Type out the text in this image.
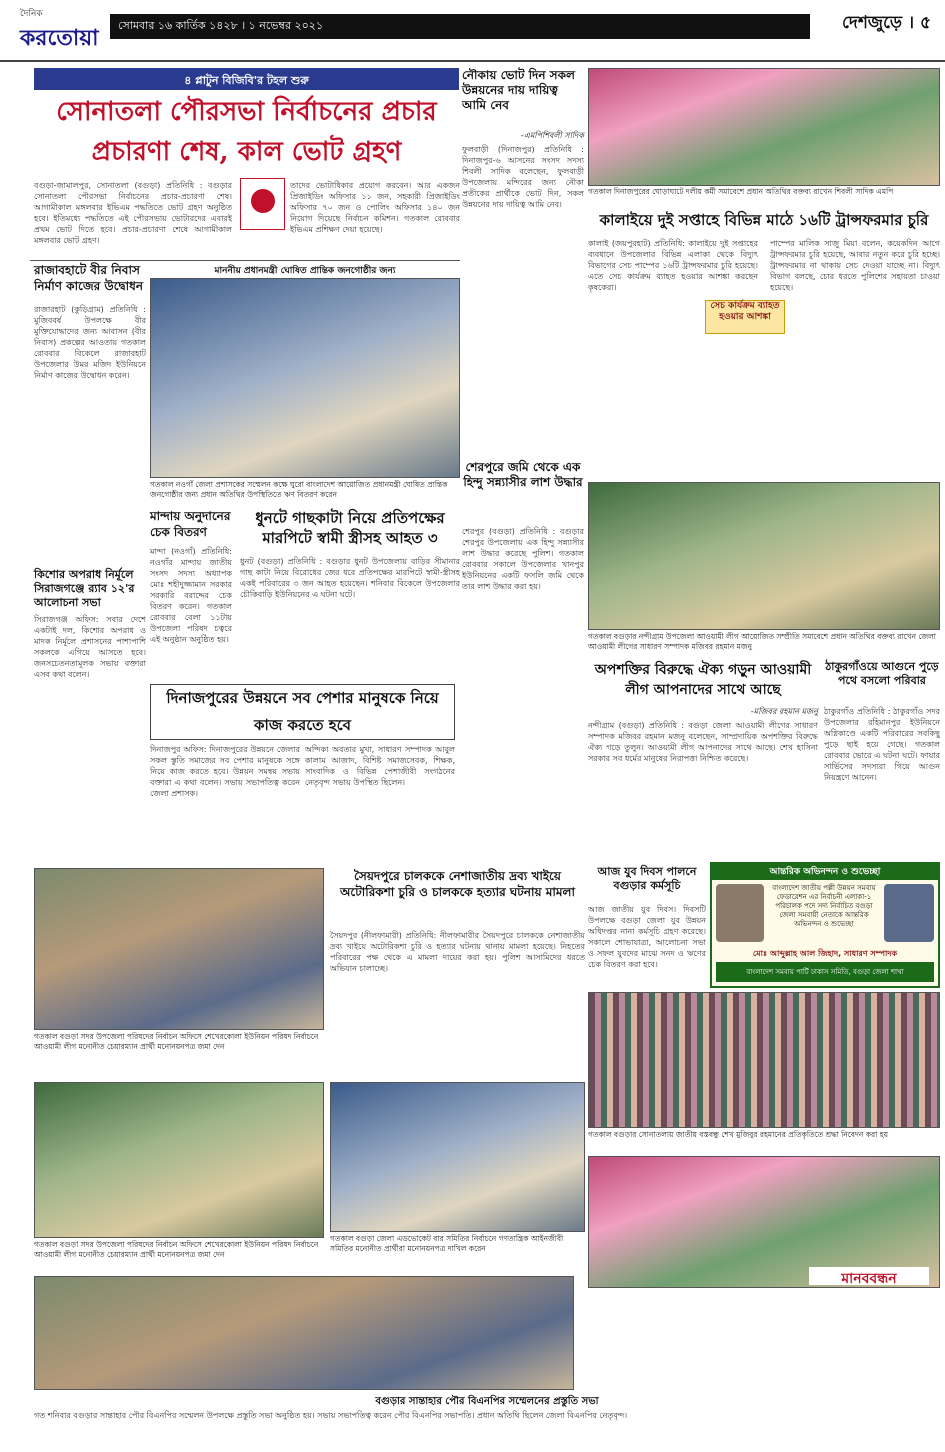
দৈনিক
করতোয়া	সোমবার ১৬ কার্তিক ১৪২৮ । ১ নভেম্বর ২০২১	দেশজুড়ে । ৫
৪ প্লাটুন বিজিবি'র টহল শুরু
সোনাতলা পৌরসভা নির্বাচনের প্রচার প্রচারণা শেষ, কাল ভোট গ্রহণ
বগুড়া-জামালপুর, সোনাতলা (বগুড়া) প্রতিনিধি : বগুড়ার সোনাতলা পৌরসভা নির্বাচনের প্রচার-প্রচারণা শেষ। আগামীকাল মঙ্গলবার ইভিএম পদ্ধতিতে ভোট গ্রহণ অনুষ্ঠিত হবে। ইতিমধ্যে পদ্ধতিতে এই পৌরসভায় ভোটারদের এবারই প্রথম ভোট দিতে হবে। প্রচার-প্রচারণা শেষে আগামীকাল মঙ্গলবার ভোট গ্রহণ।
তাদের ভোটাধিকার প্রয়োগ করবেন। আর একজন প্রিজাইডিং অফিসার ১১ জন, সহকারী প্রিজাইডিং অফিসার ৭০ জন ও পোলিং অফিসার ১৪০ জন নিয়োগ দিয়েছে নির্বাচন কমিশন। গতকাল রোববার ইভিএম প্রশিক্ষণ দেয়া হয়েছে।
রাজাবহাটে বীর নিবাস নির্মাণ কাজের উদ্বোধন
রাজারহাট (কুড়িগ্রাম) প্রতিনিধি : মুজিববর্ষ উপলক্ষে বীর মুক্তিযোদ্ধাদের জন্য আবাসন (বীর নিবাস) প্রকল্পের আওতায় গতকাল রোববার বিকেলে রাজারহাট উপজেলার উমর মজিদ ইউনিয়নে নির্মাণ কাজের উদ্বোধন করেন।
কিশোর অপরাধ নির্মূলে সিরাজগঞ্জে র‍্যাব ১২'র আলোচনা সভা
সিরাজগঞ্জ অফিস: সবার দেশে একটাই দল, কিশোর অপরাধ ও মাদক নির্মূলে প্রশাসনের পাশাপাশি সকলকে এগিয়ে আসতে হবে। জনসচেতনতামূলক সভায় বক্তারা এসব কথা বলেন।
মাননীয় প্রধানমন্ত্রী ঘোষিত প্রান্তিক জনগোষ্ঠীর জন্য
গতকাল নওগাঁ জেলা প্রশাসকের সম্মেলন কক্ষে ঘুরো বাংলাদেশ আয়োজিত প্রধানমন্ত্রী ঘোষিত প্রান্তিক জনগোষ্ঠীর জন্য প্রধান অতিথির উপস্থিতিতে ঋণ বিতরণ করেন
মান্দায় অনুদানের চেক বিতরণ
মান্দা (নওগাঁ) প্রতিনিধি: নওগাঁর মান্দায় জাতীয় সংসদ সদস্য অধ্যাপক মোঃ শহীদুজ্জামান সরকার সরকারি বরাদ্দের চেক বিতরণ করেন। গতকাল রোববার বেলা ১১টায় উপজেলা পরিষদ চত্বরে এই অনুষ্ঠান অনুষ্ঠিত হয়।
ধুনটে গাছকাটা নিয়ে প্রতিপক্ষের মারপিটে স্বামী স্ত্রীসহ আহত ৩
ধুনট (বগুড়া) প্রতিনিধি : বগুড়ার ধুনট উপজেলায় বাড়ির সীমানার গাছ কাটা নিয়ে বিরোধের জের ধরে প্রতিপক্ষের মারপিটে স্বামী-স্ত্রীসহ একই পরিবারের ৩ জন আহত হয়েছেন। শনিবার বিকেলে উপজেলার চৌকিবাড়ি ইউনিয়নের এ ঘটনা ঘটে।
নৌকায় ভোট দিন সকল উন্নয়নের দায় দায়িত্ব আমি নেব
-এমপিশিবলী সাদিক
ফুলবাড়ী (দিনাজপুর) প্রতিনিধি : দিনাজপুর-৬ আসনের সংসদ সদস্য শিবলী সাদিক বলেছেন, ফুলবাড়ী উপজেলায় মন্দিরের জন্য নৌকা প্রতীকের প্রার্থীকে ভোট দিন, সকল উন্নয়নের দায় দায়িত্ব আমি নেব।
গতকাল দিনাজপুরের ঘোড়াঘাটে দলীয় কর্মী সমাবেশে প্রধান অতিথির বক্তব্য রাখেন শিবলী সাদিক এমপি
কালাইয়ে দুই সপ্তাহে বিভিন্ন মাঠে ১৬টি ট্রান্সফরমার চুরি
কালাই (জয়পুরহাট) প্রতিনিধি: কালাইয়ে দুই সপ্তাহের ব্যবধানে উপজেলার বিভিন্ন এলাকা থেকে বিদ্যুৎ বিভাগের সেচ পাম্পের ১৬টি ট্রান্সফরমার চুরি হয়েছে। এতে সেচ কার্যক্রম ব্যাহত হওয়ার আশঙ্কা করছেন কৃষকেরা।
সেচ কার্যক্রম ব্যাহত হওয়ার আশঙ্কা
পাম্পের মালিক সাজু মিয়া বলেন, কয়েকদিন আগে ট্রান্সফরমার চুরি হয়েছে, আবার নতুন করে চুরি হচ্ছে। ট্রান্সফরমার না থাকায় সেচ দেওয়া যাচ্ছে না। বিদ্যুৎ বিভাগ বলছে, চোর ধরতে পুলিশের সহায়তা চাওয়া হয়েছে।
গতকাল বগুড়ার নন্দীগ্রাম উপজেলা আওয়ামী লীগ আয়োজিত সম্প্রীতি সমাবেশে প্রধান অতিথির বক্তব্য রাখেন জেলা আওয়ামী লীগের সাধারণ সম্পাদক মজিবর রহমান মজনু
শেরপুরে জমি থেকে এক হিন্দু সন্ন্যাসীর লাশ উদ্ধার
শেরপুর (বগুড়া) প্রতিনিধি : বগুড়ার শেরপুর উপজেলায় এক হিন্দু সন্ন্যাসীর লাশ উদ্ধার করেছে পুলিশ। গতকাল রোববার সকালে উপজেলার খানপুর ইউনিয়নের একটি ফসলি জমি থেকে তার লাশ উদ্ধার করা হয়।
অপশক্তির বিরুদ্ধে ঐক্য গড়ুন আওয়ামী লীগ আপনাদের সাথে আছে
-মজিবর রহমান মজনু
নন্দীগ্রাম (বগুড়া) প্রতিনিধি : বগুড়া জেলা আওয়ামী লীগের সাধারণ সম্পাদক মজিবর রহমান মজনু বলেছেন, সাম্প্রদায়িক অপশক্তির বিরুদ্ধে ঐক্য গড়ে তুলুন। আওয়ামী লীগ আপনাদের সাথে আছে। শেখ হাসিনা সরকার সব ধর্মের মানুষের নিরাপত্তা নিশ্চিত করেছে।
ঠাকুরগাঁওয়ে আগুনে পুড়ে পথে বসলো পরিবার
ঠাকুরগাঁও প্রতিনিধি : ঠাকুরগাঁও সদর উপজেলার রহিমানপুর ইউনিয়নে অগ্নিকাণ্ডে একটি পরিবারের সবকিছু পুড়ে ছাই হয়ে গেছে। গতকাল রোববার ভোরে এ ঘটনা ঘটে। ফায়ার সার্ভিসের সদস্যরা গিয়ে আগুন নিয়ন্ত্রণে আনেন।
দিনাজপুরের উন্নয়নে সব পেশার মানুষকে নিয়ে কাজ করতে হবে
দিনাজপুর অফিস: দিনাজপুরের উন্নয়নে জেলার সকল স্তুতি সমাজের সব পেশার মানুষকে সঙ্গে নিয়ে কাজ করতে হবে। উন্নয়ন সমন্বয় সভায় বক্তারা এ কথা বলেন। সভায় সভাপতিত্ব করেন জেলা প্রশাসক।
অন্দিকা অবতার মুখা, সাধারণ সম্পাদক আবুল কালাম আজাদ, বিশিষ্ট সমাজসেবক, শিক্ষক, সাংবাদিক ও বিভিন্ন পেশাজীবী সংগঠনের নেতৃবৃন্দ সভায় উপস্থিত ছিলেন।
গতকাল বগুড়া সদর উপজেলা পরিষদের নির্বাচন অফিসে শেখেরকোলা ইউনিয়ন পরিষদ নির্বাচনে আওয়ামী লীগ মনোনীত চেয়ারম্যান প্রার্থী মনোনয়নপত্র জমা দেন
সৈয়দপুরে চালককে নেশাজাতীয় দ্রব্য খাইয়ে অটোরিকশা চুরি ও চালককে হত্যার ঘটনায় মামলা
সৈয়দপুর (নীলফামারী) প্রতিনিধি: নীলফামারীর সৈয়দপুরে চালককে নেশাজাতীয় দ্রব্য খাইয়ে অটোরিকশা চুরি ও হত্যার ঘটনায় থানায় মামলা হয়েছে। নিহতের পরিবারের পক্ষ থেকে এ মামলা দায়ের করা হয়। পুলিশ আসামিদের ধরতে অভিযান চালাচ্ছে।
আজ যুব দিবস পালনে বগুড়ার কর্মসূচি
আজ জাতীয় যুব দিবস। দিবসটি উপলক্ষে বগুড়া জেলা যুব উন্নয়ন অধিদপ্তর নানা কর্মসূচি গ্রহণ করেছে। সকালে শোভাযাত্রা, আলোচনা সভা ও সফল যুবদের মাঝে সনদ ও ঋণের চেক বিতরণ করা হবে।
আন্তরিক অভিনন্দন ও শুভেচ্ছা
বাংলাদেশ জাতীয় পল্লী উন্নয়ন সমবায় ফেডারেশন এর নির্বাচনী এলাকা-১ পরিচালক পদে সদ্য নির্বাচিত বগুড়া জেলা সমবায়ী নেতাকে আন্তরিক অভিনন্দন ও শুভেচ্ছা
মোঃ আব্দুল্লাহ আল জিহাদ, সাধারণ সম্পাদক
বাংলাদেশ সমবায় পার্টি ঢাকাস সমিতি, বগুড়া জেলা শাখা
গতকাল বগুড়া সদর উপজেলা পরিষদের নির্বাচন অফিসে শেখেরকোলা ইউনিয়ন পরিষদ নির্বাচনে আওয়ামী লীগ মনোনীত চেয়ারম্যান প্রার্থী মনোনয়নপত্র জমা দেন
গতকাল বগুড়া জেলা এডভোকেট বার সমিতির নির্বাচনে গণতান্ত্রিক আইনজীবী সমিতির মনোনীত প্রার্থীরা মনোনয়নপত্র দাখিল করেন
গতকাল বগুড়ার সোনাতলায় জাতীয় বস্তবন্ধু শেখ মুজিবুর রহমানের প্রতিকৃতিতে শ্রদ্ধা নিবেদন করা হয়
মানববন্ধন
বগুড়ার সান্তাহার পৌর বিএনপির সম্মেলনের প্রস্তুতি সভা
গত শনিবার বগুড়ার সান্তাহার পৌর বিএনপির সম্মেলন উপলক্ষে প্রস্তুতি সভা অনুষ্ঠিত হয়। সভায় সভাপতিত্ব করেন পৌর বিএনপির সভাপতি। প্রধান অতিথি ছিলেন জেলা বিএনপির নেতৃবৃন্দ।
